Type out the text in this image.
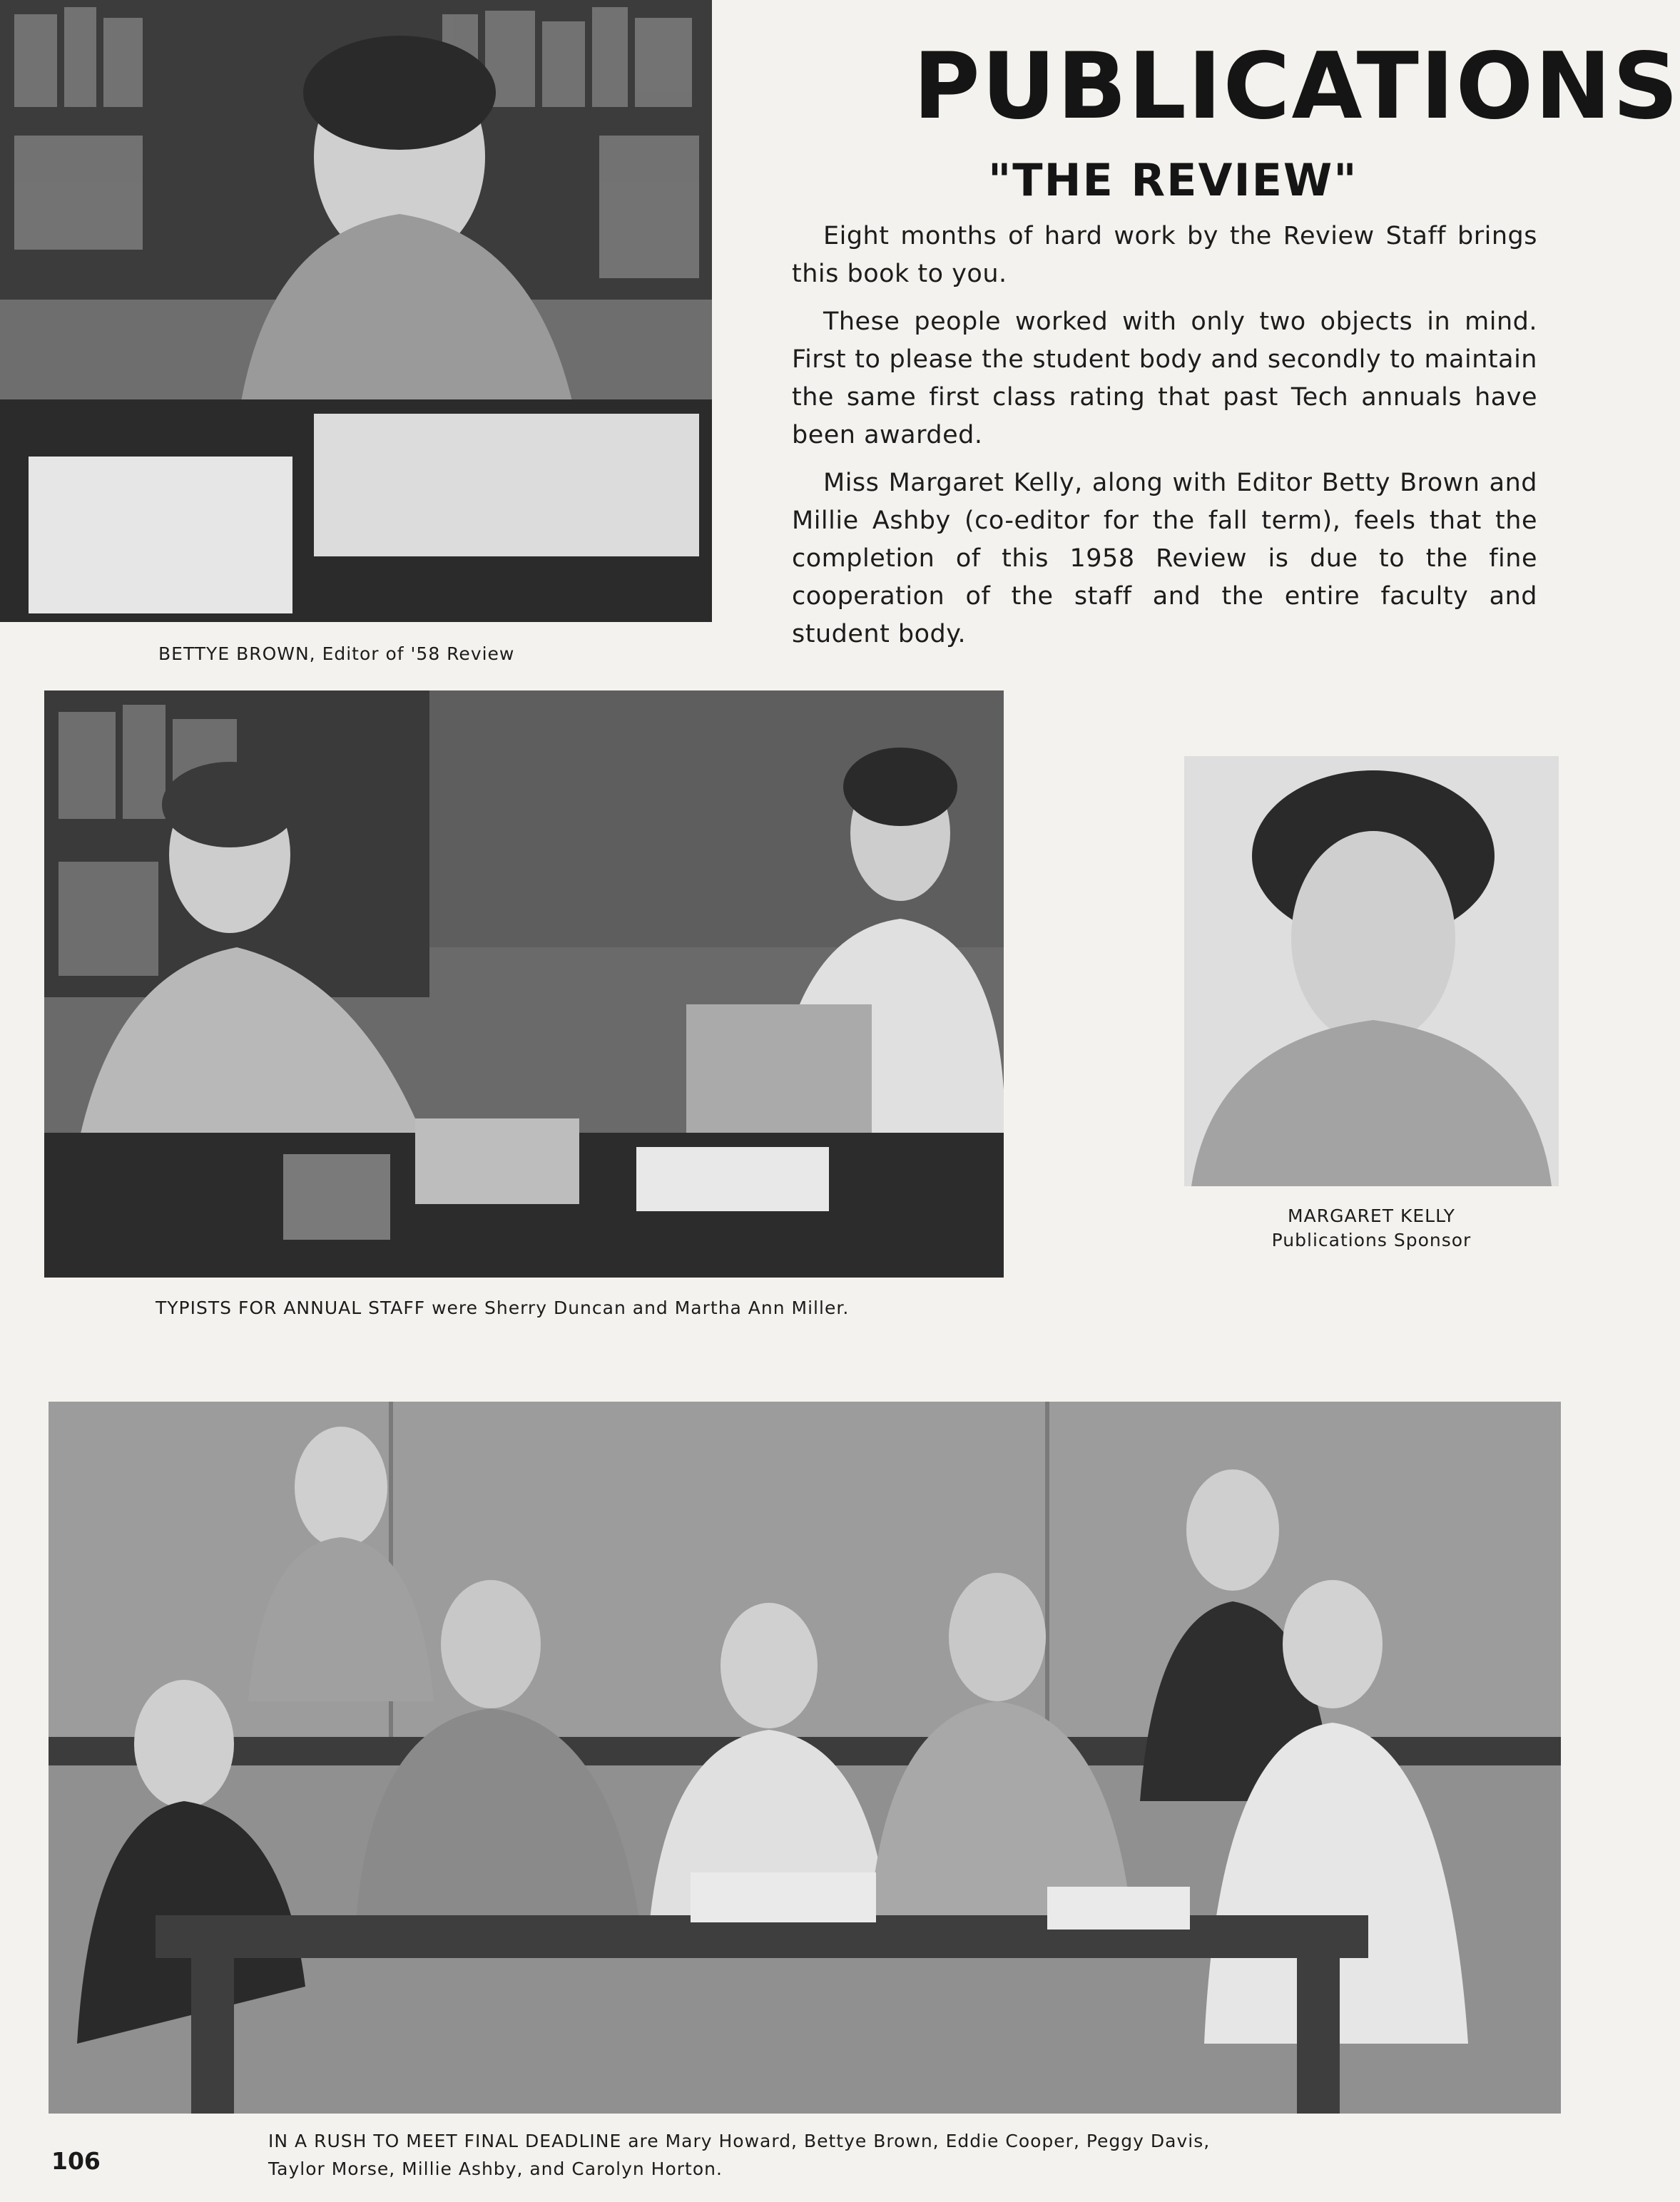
PUBLICATIONS
"THE REVIEW"

Eight months of hard work by the Review Staff brings this book to you.

These people worked with only two objects in mind. First to please the student body and secondly to maintain the same first class rating that past Tech annuals have been awarded.

Miss Margaret Kelly, along with Editor Betty Brown and Millie Ashby (co-editor for the fall term), feels that the completion of this 1958 Review is due to the fine cooperation of the staff and the entire faculty and student body.

BETTYE BROWN, Editor of '58 Review
TYPISTS FOR ANNUAL STAFF were Sherry Duncan and Martha Ann Miller.
MARGARET KELLY
Publications Sponsor
IN A RUSH TO MEET FINAL DEADLINE are Mary Howard, Bettye Brown, Eddie Cooper, Peggy Davis,
Taylor Morse, Millie Ashby, and Carolyn Horton.
106
